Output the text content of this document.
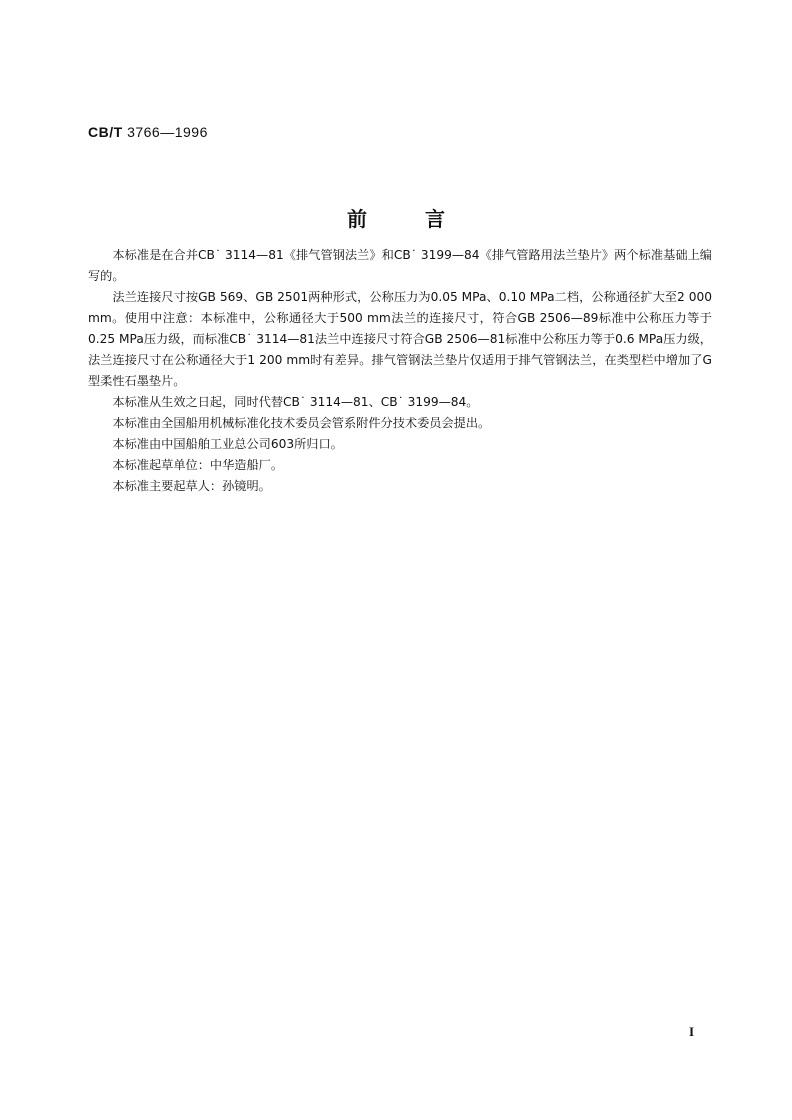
CB/T 3766—1996
前言

本标准是在合并CB˙ 3114—81《排气管钢法兰》和CB˙ 3199—84《排气管路用法兰垫片》两个标准基础上编写的。

法兰连接尺寸按GB 569、GB 2501两种形式，公称压力为0.05 MPa、0.10 MPa二档，公称通径扩大至2 000 mm。使用中注意：本标准中，公称通径大于500 mm法兰的连接尺寸，符合GB 2506—89标准中公称压力等于0.25 MPa压力级，而标准CB˙ 3114—81法兰中连接尺寸符合GB 2506—81标准中公称压力等于0.6 MPa压力级，法兰连接尺寸在公称通径大于1 200 mm时有差异。排气管钢法兰垫片仅适用于排气管钢法兰，在类型栏中增加了G型柔性石墨垫片。

本标准从生效之日起，同时代替CB˙ 3114—81、CB˙ 3199—84。

本标准由全国船用机械标准化技术委员会管系附件分技术委员会提出。

本标准由中国船舶工业总公司603所归口。

本标准起草单位：中华造船厂。

本标准主要起草人：孙镜明。

I
